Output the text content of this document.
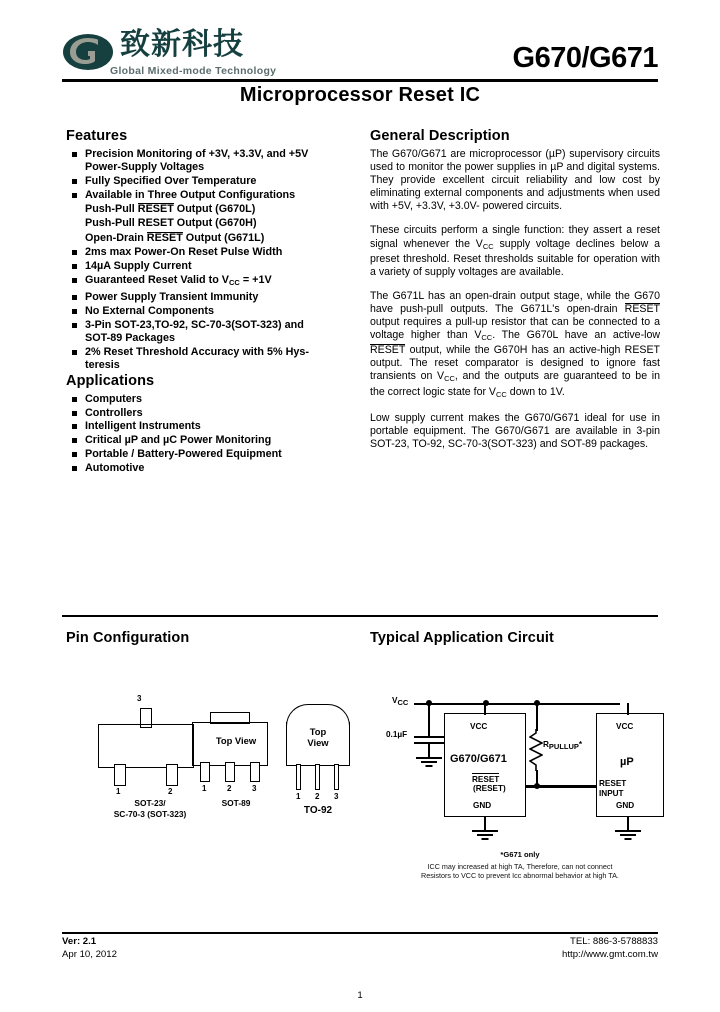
致新科技
Global Mixed-mode Technology	G670/G671
Microprocessor Reset IC
Features
Precision Monitoring of +3V, +3.3V, and +5V
Power-Supply Voltages
Fully Specified Over Temperature
Available in Three Output Configurations
Push-Pull RESET Output (G670L)
Push-Pull RESET Output (G670H)
Open-Drain RESET Output (G671L)
2ms max Power-On Reset Pulse Width
14µA Supply Current
Guaranteed Reset Valid to VCC = +1V
Power Supply Transient Immunity
No External Components
3-Pin SOT-23,TO-92, SC-70-3(SOT-323) and
SOT-89 Packages
2% Reset Threshold Accuracy with 5% Hys-
teresis
Applications
Computers
Controllers
Intelligent Instruments
Critical µP and µC Power Monitoring
Portable / Battery-Powered Equipment
Automotive
General Description

The G670/G671 are microprocessor (µP) supervisory circuits used to monitor the power supplies in µP and digital systems. They provide excellent circuit reliability and low cost by eliminating external components and adjustments when used with +5V, +3.3V, +3.0V- powered circuits.

These circuits perform a single function: they assert a reset signal whenever the VCC supply voltage declines below a preset threshold. Reset thresholds suitable for operation with a variety of supply voltages are available.

The G671L has an open-drain output stage, while the G670 have push-pull outputs. The G671L's open-drain RESET output requires a pull-up resistor that can be connected to a voltage higher than VCC. The G670L have an active-low RESET output, while the G670H has an active-high RESET output. The reset comparator is designed to ignore fast transients on VCC, and the outputs are guaranteed to be in the correct logic state for VCC down to 1V.

Low supply current makes the G670/G671 ideal for use in portable equipment. The G670/G671 are available in 3-pin SOT-23, TO-92, SC-70-3(SOT-323) and SOT-89 packages.

Pin Configuration
3
1	2
SOT-23/
SC-70-3 (SOT-323)
Top View
1	2	3
SOT-89
Top
View
1 2 3
TO-92
Typical Application Circuit
VCC
0.1µF
VCC
G670/G671
RESET
(RESET)
GND
RPULLUP*
VCC
µP
RESET
INPUT
GND
*G671 only
ICC may increased at high TA, Therefore, can not connect
Resistors to VCC to prevent Icc abnormal behavior at high TA.
Ver: 2.1
Apr 10, 2012
TEL: 886-3-5788833
http://www.gmt.com.tw
1
